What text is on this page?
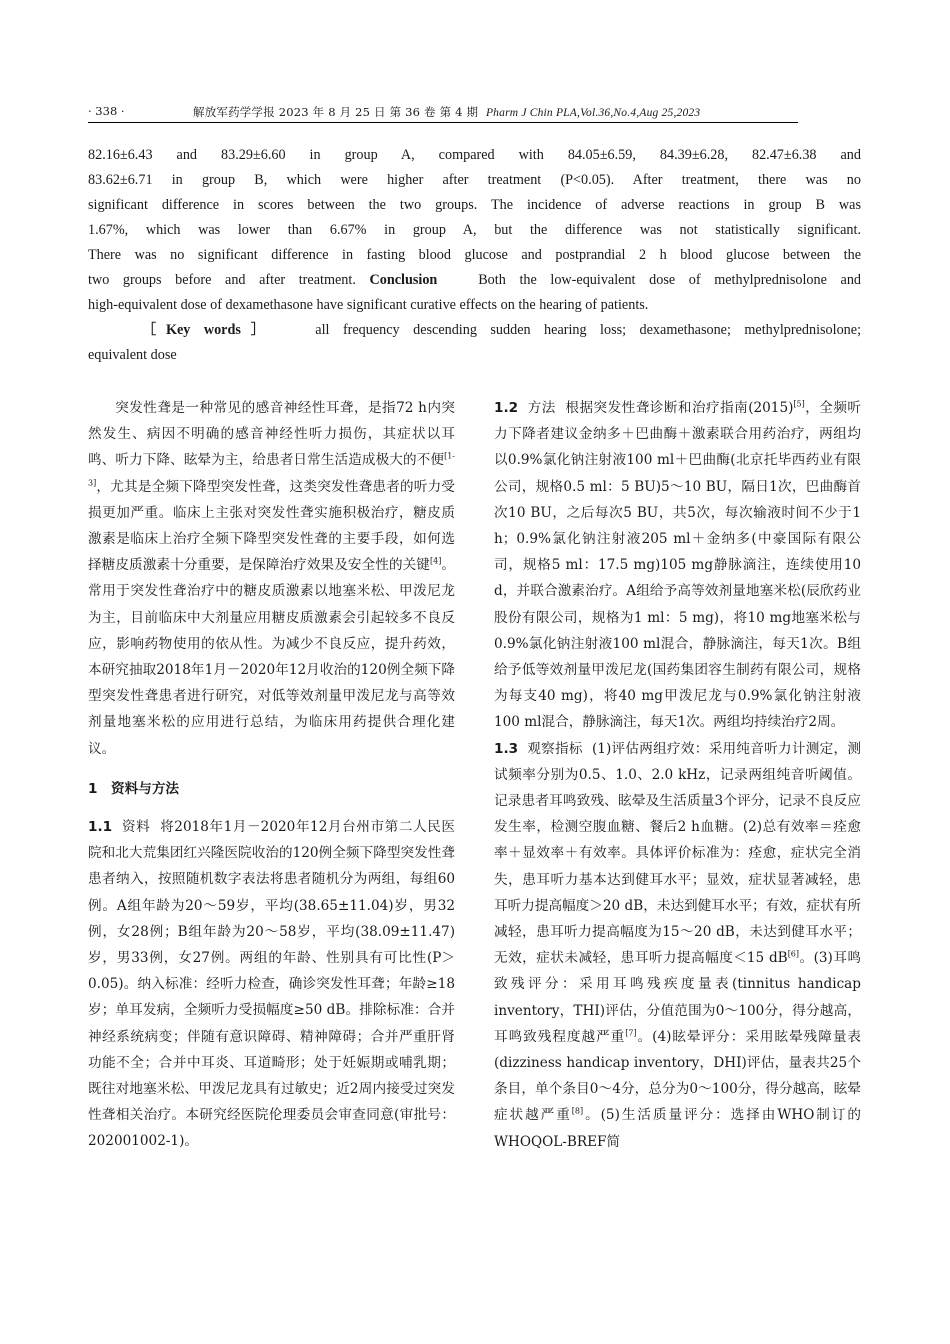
· 338 ·	解放军药学学报 2023 年 8 月 25 日 第 36 卷 第 4 期 Pharm J Chin PLA,Vol.36,No.4,Aug 25,2023
82.16±6.43 and 83.29±6.60 in group A, compared with 84.05±6.59, 84.39±6.28, 82.47±6.38 and
83.62±6.71 in group B, which were higher after treatment (P<0.05). After treatment, there was no
significant difference in scores between the two groups. The incidence of adverse reactions in group B was
1.67%, which was lower than 6.67% in group A, but the difference was not statistically significant.
There was no significant difference in fasting blood glucose and postprandial 2 h blood glucose between the
two groups before and after treatment. Conclusion	Both the low-equivalent dose of methylprednisolone and
high-equivalent dose of dexamethasone have significant curative effects on the hearing of patients.
［Key words］	all frequency descending sudden hearing loss; dexamethasone; methylprednisolone;
equivalent dose

突发性聋是一种常见的感音神经性耳聋，是指72 h内突然发生、病因不明确的感音神经性听力损伤，其症状以耳鸣、听力下降、眩晕为主，给患者日常生活造成极大的不便[1-3]，尤其是全频下降型突发性聋，这类突发性聋患者的听力受损更加严重。临床上主张对突发性聋实施积极治疗，糖皮质激素是临床上治疗全频下降型突发性聋的主要手段，如何选择糖皮质激素十分重要，是保障治疗效果及安全性的关键[4]。常用于突发性聋治疗中的糖皮质激素以地塞米松、甲泼尼龙为主，目前临床中大剂量应用糖皮质激素会引起较多不良反应，影响药物使用的依从性。为减少不良反应，提升药效，本研究抽取2018年1月－2020年12月收治的120例全频下降型突发性聋患者进行研究，对低等效剂量甲泼尼龙与高等效剂量地塞米松的应用进行总结，为临床用药提供合理化建议。

1　资料与方法

1.1 资料 将2018年1月－2020年12月台州市第二人民医院和北大荒集团红兴隆医院收治的120例全频下降型突发性聋患者纳入，按照随机数字表法将患者随机分为两组，每组60例。A组年龄为20～59岁，平均(38.65±11.04)岁，男32例，女28例；B组年龄为20～58岁，平均(38.09±11.47)岁，男33例，女27例。两组的年龄、性别具有可比性(P＞0.05)。纳入标准：经听力检查，确诊突发性耳聋；年龄≥18岁；单耳发病，全频听力受损幅度≥50 dB。排除标准：合并神经系统病变；伴随有意识障碍、精神障碍；合并严重肝肾功能不全；合并中耳炎、耳道畸形；处于妊娠期或哺乳期；既往对地塞米松、甲泼尼龙具有过敏史；近2周内接受过突发性聋相关治疗。本研究经医院伦理委员会审查同意(审批号：202001002-1)。

1.2 方法 根据突发性聋诊断和治疗指南(2015)[5]，全频听力下降者建议金纳多＋巴曲酶＋激素联合用药治疗，两组均以0.9%氯化钠注射液100 ml＋巴曲酶(北京托毕西药业有限公司，规格0.5 ml：5 BU)5～10 BU，隔日1次，巴曲酶首次10 BU，之后每次5 BU，共5次，每次输液时间不少于1 h；0.9%氯化钠注射液205 ml＋金纳多(中豪国际有限公司，规格5 ml：17.5 mg)105 mg静脉滴注，连续使用10 d，并联合激素治疗。A组给予高等效剂量地塞米松(辰欣药业股份有限公司，规格为1 ml：5 mg)，将10 mg地塞米松与0.9%氯化钠注射液100 ml混合，静脉滴注，每天1次。B组给予低等效剂量甲泼尼龙(国药集团容生制药有限公司，规格为每支40 mg)，将40 mg甲泼尼龙与0.9%氯化钠注射液100 ml混合，静脉滴注，每天1次。两组均持续治疗2周。

1.3 观察指标 (1)评估两组疗效：采用纯音听力计测定，测试频率分别为0.5、1.0、2.0 kHz，记录两组纯音听阈值。记录患者耳鸣致残、眩晕及生活质量3个评分，记录不良反应发生率，检测空腹血糖、餐后2 h血糖。(2)总有效率＝痊愈率＋显效率＋有效率。具体评价标准为：痊愈，症状完全消失，患耳听力基本达到健耳水平；显效，症状显著减轻，患耳听力提高幅度＞20 dB，未达到健耳水平；有效，症状有所减轻，患耳听力提高幅度为15～20 dB，未达到健耳水平；无效，症状未减轻，患耳听力提高幅度＜15 dB[6]。(3)耳鸣致残评分：采用耳鸣残疾度量表(tinnitus handicap inventory，THI)评估，分值范围为0～100分，得分越高，耳鸣致残程度越严重[7]。(4)眩晕评分：采用眩晕残障量表(dizziness handicap inventory，DHI)评估，量表共25个条目，单个条目0～4分，总分为0～100分，得分越高，眩晕症状越严重[8]。(5)生活质量评分：选择由WHO制订的WHOQOL-BREF简
